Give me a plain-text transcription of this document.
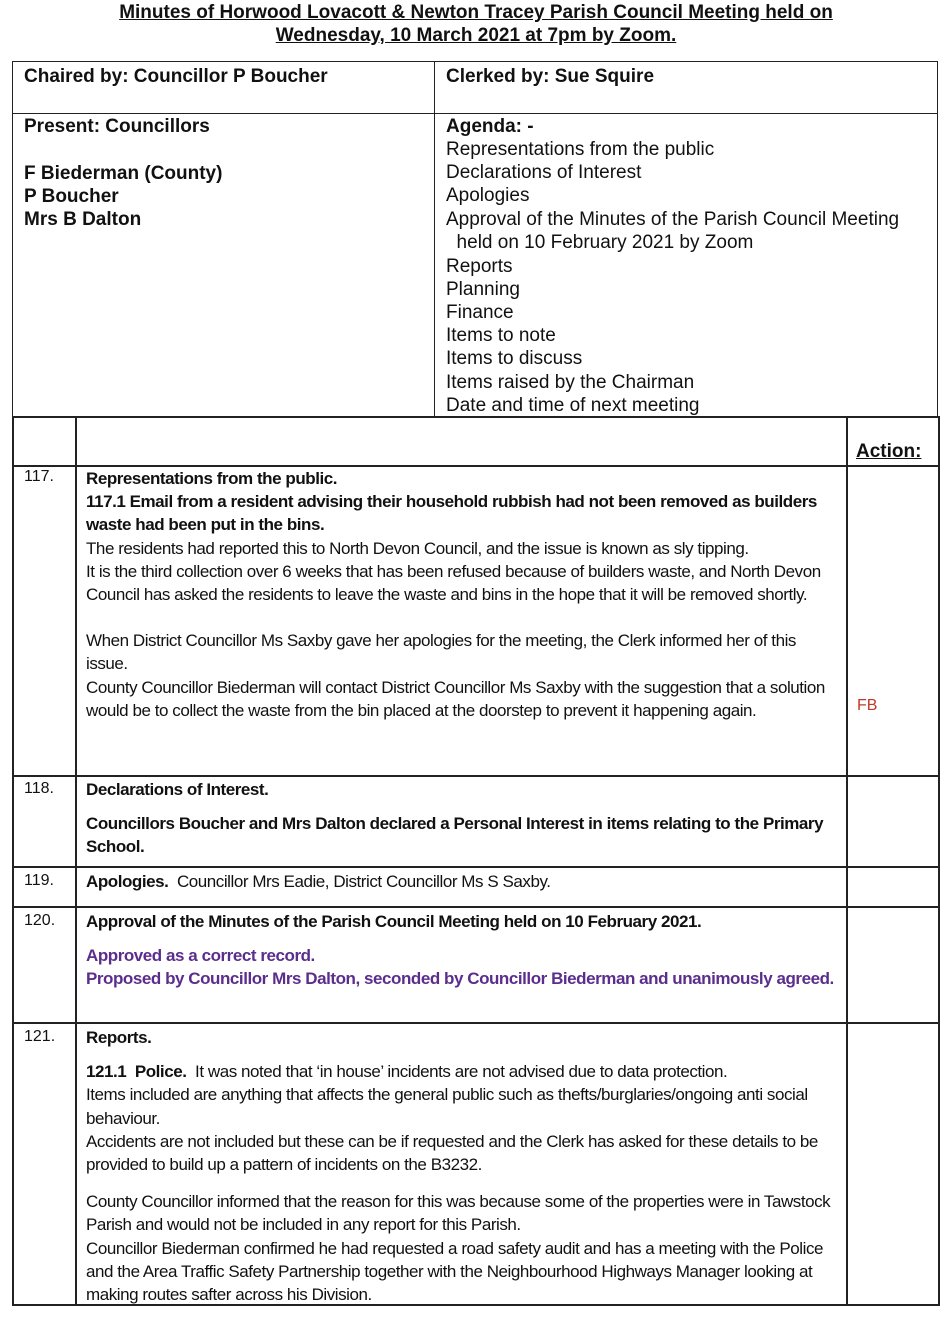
Minutes of Horwood Lovacott & Newton Tracey Parish Council Meeting held on
Wednesday, 10 March 2021 at 7pm by Zoom.
Chaired by: Councillor P Boucher	Clerked by: Sue Squire
Present: Councillors
F Biederman (County)
P Boucher
Mrs B Dalton
Agenda: -
Representations from the public
Declarations of Interest
Apologies
Approval of the Minutes of the Parish Council Meeting
held on 10 February 2021 by Zoom
Reports
Planning
Finance
Items to note
Items to discuss
Items raised by the Chairman
Date and time of next meeting
Action:
117. Representations from the public.

117.1 Email from a resident advising their household rubbish had not been removed as builders waste had been put in the bins.

The residents had reported this to North Devon Council, and the issue is known as sly tipping.

It is the third collection over 6 weeks that has been refused because of builders waste, and North Devon Council has asked the residents to leave the waste and bins in the hope that it will be removed shortly.

When District Councillor Ms Saxby gave her apologies for the meeting, the Clerk informed her of this issue.

County Councillor Biederman will contact District Councillor Ms Saxby with the suggestion that a solution would be to collect the waste from the bin placed at the doorstep to prevent it happening again.	FB
118. Declarations of Interest.

Councillors Boucher and Mrs Dalton declared a Personal Interest in items relating to the Primary School.

119. Apologies.  Councillor Mrs Eadie, District Councillor Ms S Saxby.

120. Approval of the Minutes of the Parish Council Meeting held on 10 February 2021.

Approved as a correct record.

Proposed by Councillor Mrs Dalton, seconded by Councillor Biederman and unanimously agreed.

121. Reports.

121.1  Police.  It was noted that ‘in house’ incidents are not advised due to data protection.

Items included are anything that affects the general public such as thefts/burglaries/ongoing anti social behaviour.

Accidents are not included but these can be if requested and the Clerk has asked for these details to be provided to build up a pattern of incidents on the B3232.

County Councillor informed that the reason for this was because some of the properties were in Tawstock Parish and would not be included in any report for this Parish.

Councillor Biederman confirmed he had requested a road safety audit and has a meeting with the Police and the Area Traffic Safety Partnership together with the Neighbourhood Highways Manager looking at making routes safter across his Division.
